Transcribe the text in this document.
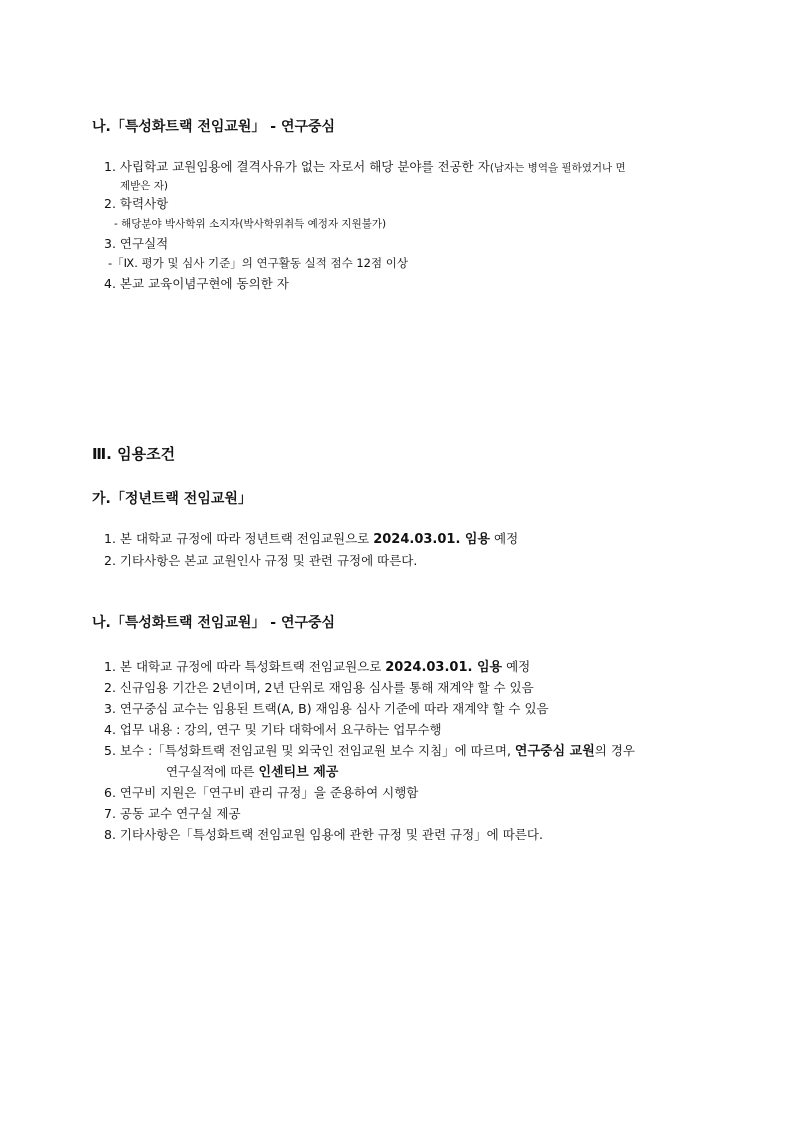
나.「특성화트랙 전임교원」 - 연구중심
1. 사립학교 교원임용에 결격사유가 없는 자로서 해당 분야를 전공한 자(남자는 병역을 필하였거나 면
제받은 자)
2. 학력사항
- 해당분야 박사학위 소지자(박사학위취득 예정자 지원불가)
3. 연구실적
-「Ⅸ. 평가 및 심사 기준」의 연구활동 실적 점수 12점 이상
4. 본교 교육이념구현에 동의한 자
Ⅲ. 임용조건
가.「정년트랙 전임교원」
1. 본 대학교 규정에 따라 정년트랙 전임교원으로 2024.03.01. 임용 예정
2. 기타사항은 본교 교원인사 규정 및 관련 규정에 따른다.
나.「특성화트랙 전임교원」 - 연구중심
1. 본 대학교 규정에 따라 특성화트랙 전임교원으로 2024.03.01. 임용 예정
2. 신규임용 기간은 2년이며, 2년 단위로 재임용 심사를 통해 재계약 할 수 있음
3. 연구중심 교수는 임용된 트랙(A, B) 재임용 심사 기준에 따라 재계약 할 수 있음
4. 업무 내용 : 강의, 연구 및 기타 대학에서 요구하는 업무수행
5. 보수 :「특성화트랙 전임교원 및 외국인 전임교원 보수 지침」에 따르며, 연구중심 교원의 경우
연구실적에 따른 인센티브 제공
6. 연구비 지원은「연구비 관리 규정」을 준용하여 시행함
7. 공동 교수 연구실 제공
8. 기타사항은「특성화트랙 전임교원 임용에 관한 규정 및 관련 규정」에 따른다.
